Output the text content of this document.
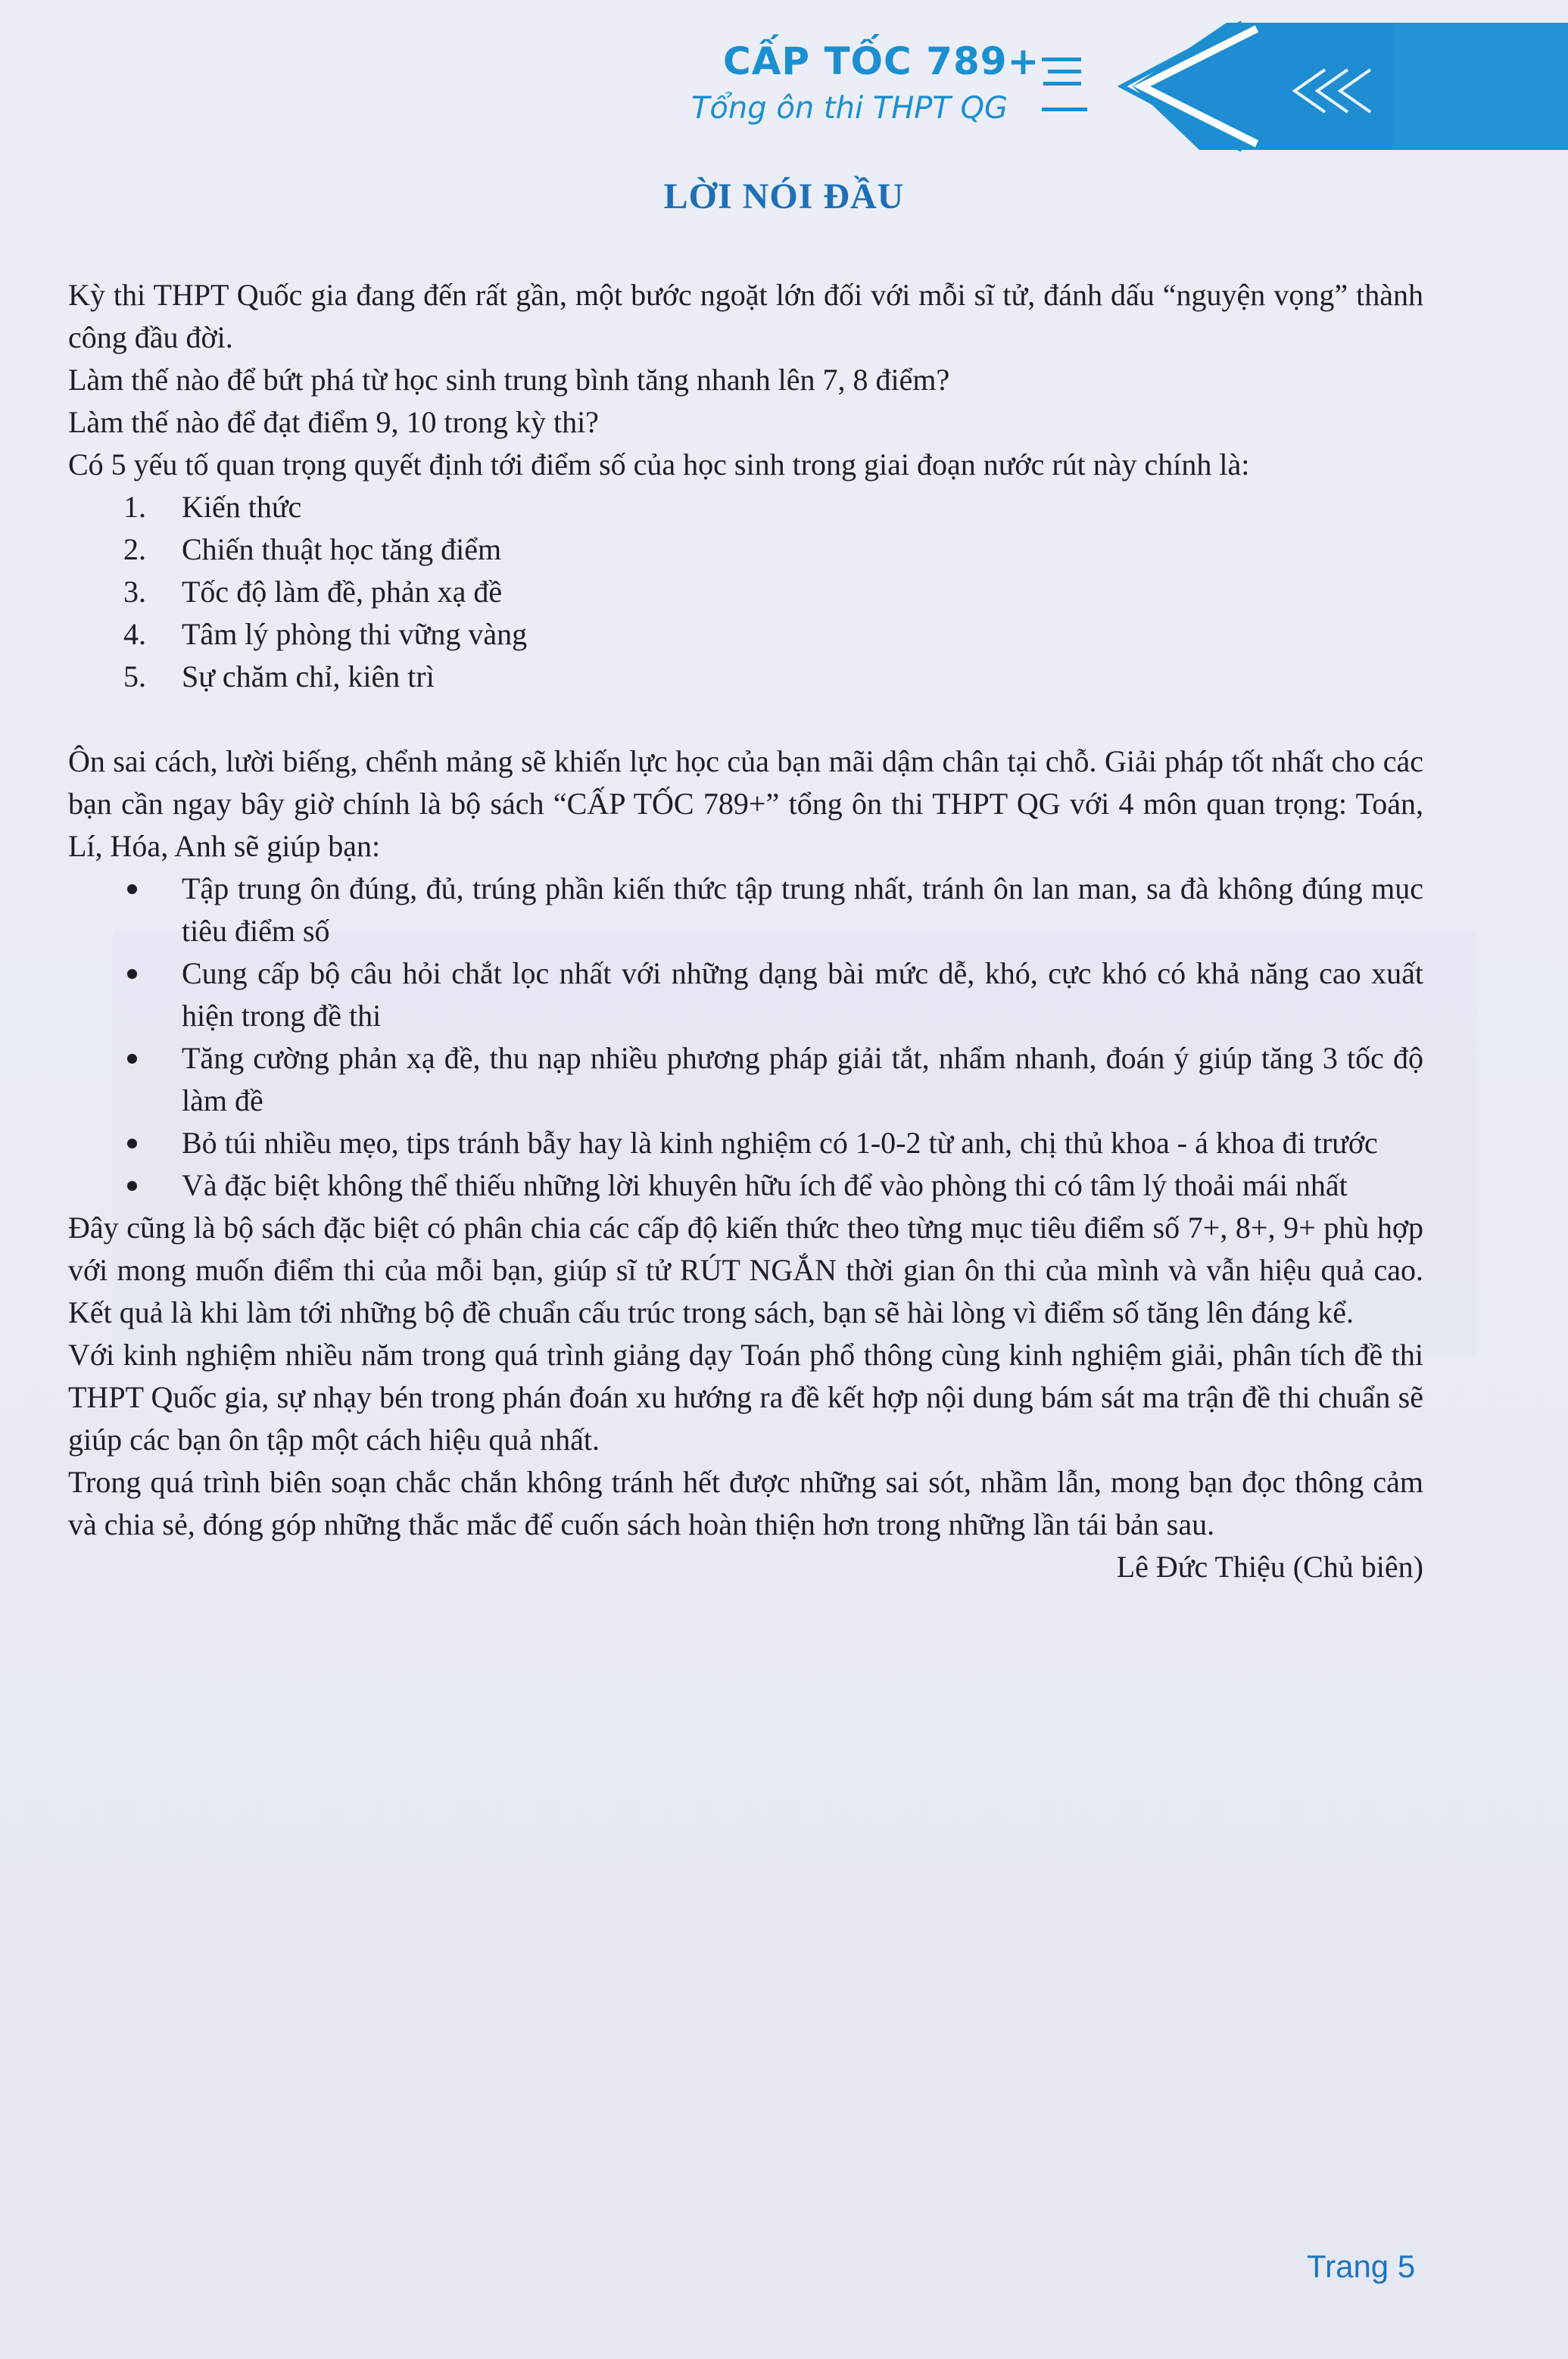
CẤP TỐC 789+
Tổng ôn thi THPT QG
LỜI NÓI ĐẦU

Kỳ thi THPT Quốc gia đang đến rất gần, một bước ngoặt lớn đối với mỗi sĩ tử, đánh dấu “nguyện vọng” thành công đầu đời.

Làm thế nào để bứt phá từ học sinh trung bình tăng nhanh lên 7, 8 điểm?

Làm thế nào để đạt điểm 9, 10 trong kỳ thi?

Có 5 yếu tố quan trọng quyết định tới điểm số của học sinh trong giai đoạn nước rút này chính là:

1. Kiến thức
2. Chiến thuật học tăng điểm
3. Tốc độ làm đề, phản xạ đề
4. Tâm lý phòng thi vững vàng
5. Sự chăm chỉ, kiên trì

Ôn sai cách, lười biếng, chểnh mảng sẽ khiến lực học của bạn mãi dậm chân tại chỗ. Giải pháp tốt nhất cho các bạn cần ngay bây giờ chính là bộ sách “CẤP TỐC 789+” tổng ôn thi THPT QG với 4 môn quan trọng: Toán, Lí, Hóa, Anh sẽ giúp bạn:

Tập trung ôn đúng, đủ, trúng phần kiến thức tập trung nhất, tránh ôn lan man, sa đà không đúng mục tiêu điểm số
Cung cấp bộ câu hỏi chắt lọc nhất với những dạng bài mức dễ, khó, cực khó có khả năng cao xuất hiện trong đề thi
Tăng cường phản xạ đề, thu nạp nhiều phương pháp giải tắt, nhẩm nhanh, đoán ý giúp tăng 3 tốc độ làm đề
Bỏ túi nhiều mẹo, tips tránh bẫy hay là kinh nghiệm có 1-0-2 từ anh, chị thủ khoa - á khoa đi trước
Và đặc biệt không thể thiếu những lời khuyên hữu ích để vào phòng thi có tâm lý thoải mái nhất

Đây cũng là bộ sách đặc biệt có phân chia các cấp độ kiến thức theo từng mục tiêu điểm số 7+, 8+, 9+ phù hợp với mong muốn điểm thi của mỗi bạn, giúp sĩ tử RÚT NGẮN thời gian ôn thi của mình và vẫn hiệu quả cao. Kết quả là khi làm tới những bộ đề chuẩn cấu trúc trong sách, bạn sẽ hài lòng vì điểm số tăng lên đáng kể.

Với kinh nghiệm nhiều năm trong quá trình giảng dạy Toán phổ thông cùng kinh nghiệm giải, phân tích đề thi THPT Quốc gia, sự nhạy bén trong phán đoán xu hướng ra đề kết hợp nội dung bám sát ma trận đề thi chuẩn sẽ giúp các bạn ôn tập một cách hiệu quả nhất.

Trong quá trình biên soạn chắc chắn không tránh hết được những sai sót, nhầm lẫn, mong bạn đọc thông cảm và chia sẻ, đóng góp những thắc mắc để cuốn sách hoàn thiện hơn trong những lần tái bản sau.

Lê Đức Thiệu (Chủ biên)

Trang 5
